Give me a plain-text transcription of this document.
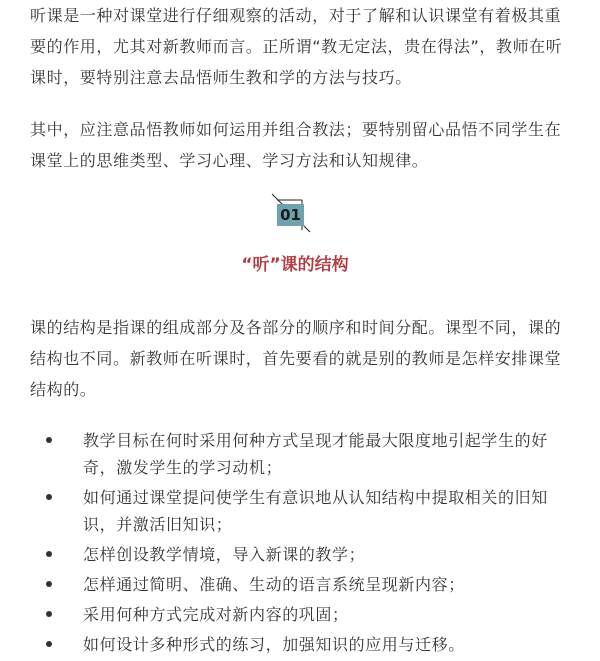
听课是一种对课堂进行仔细观察的活动，对于了解和认识课堂有着极其重要的作用，尤其对新教师而言。正所谓“教无定法，贵在得法”，教师在听课时，要特别注意去品悟师生教和学的方法与技巧。

其中，应注意品悟教师如何运用并组合教法；要特别留心品悟不同学生在课堂上的思维类型、学习心理、学习方法和认知规律。

01
“听”课的结构

课的结构是指课的组成部分及各部分的顺序和时间分配。课型不同，课的结构也不同。新教师在听课时，首先要看的就是别的教师是怎样安排课堂结构的。

教学目标在何时采用何种方式呈现才能最大限度地引起学生的好奇，激发学生的学习动机；
如何通过课堂提问使学生有意识地从认知结构中提取相关的旧知识，并激活旧知识；
怎样创设教学情境，导入新课的教学；
怎样通过简明、准确、生动的语言系统呈现新内容；
采用何种方式完成对新内容的巩固；
如何设计多种形式的练习，加强知识的应用与迁移。
